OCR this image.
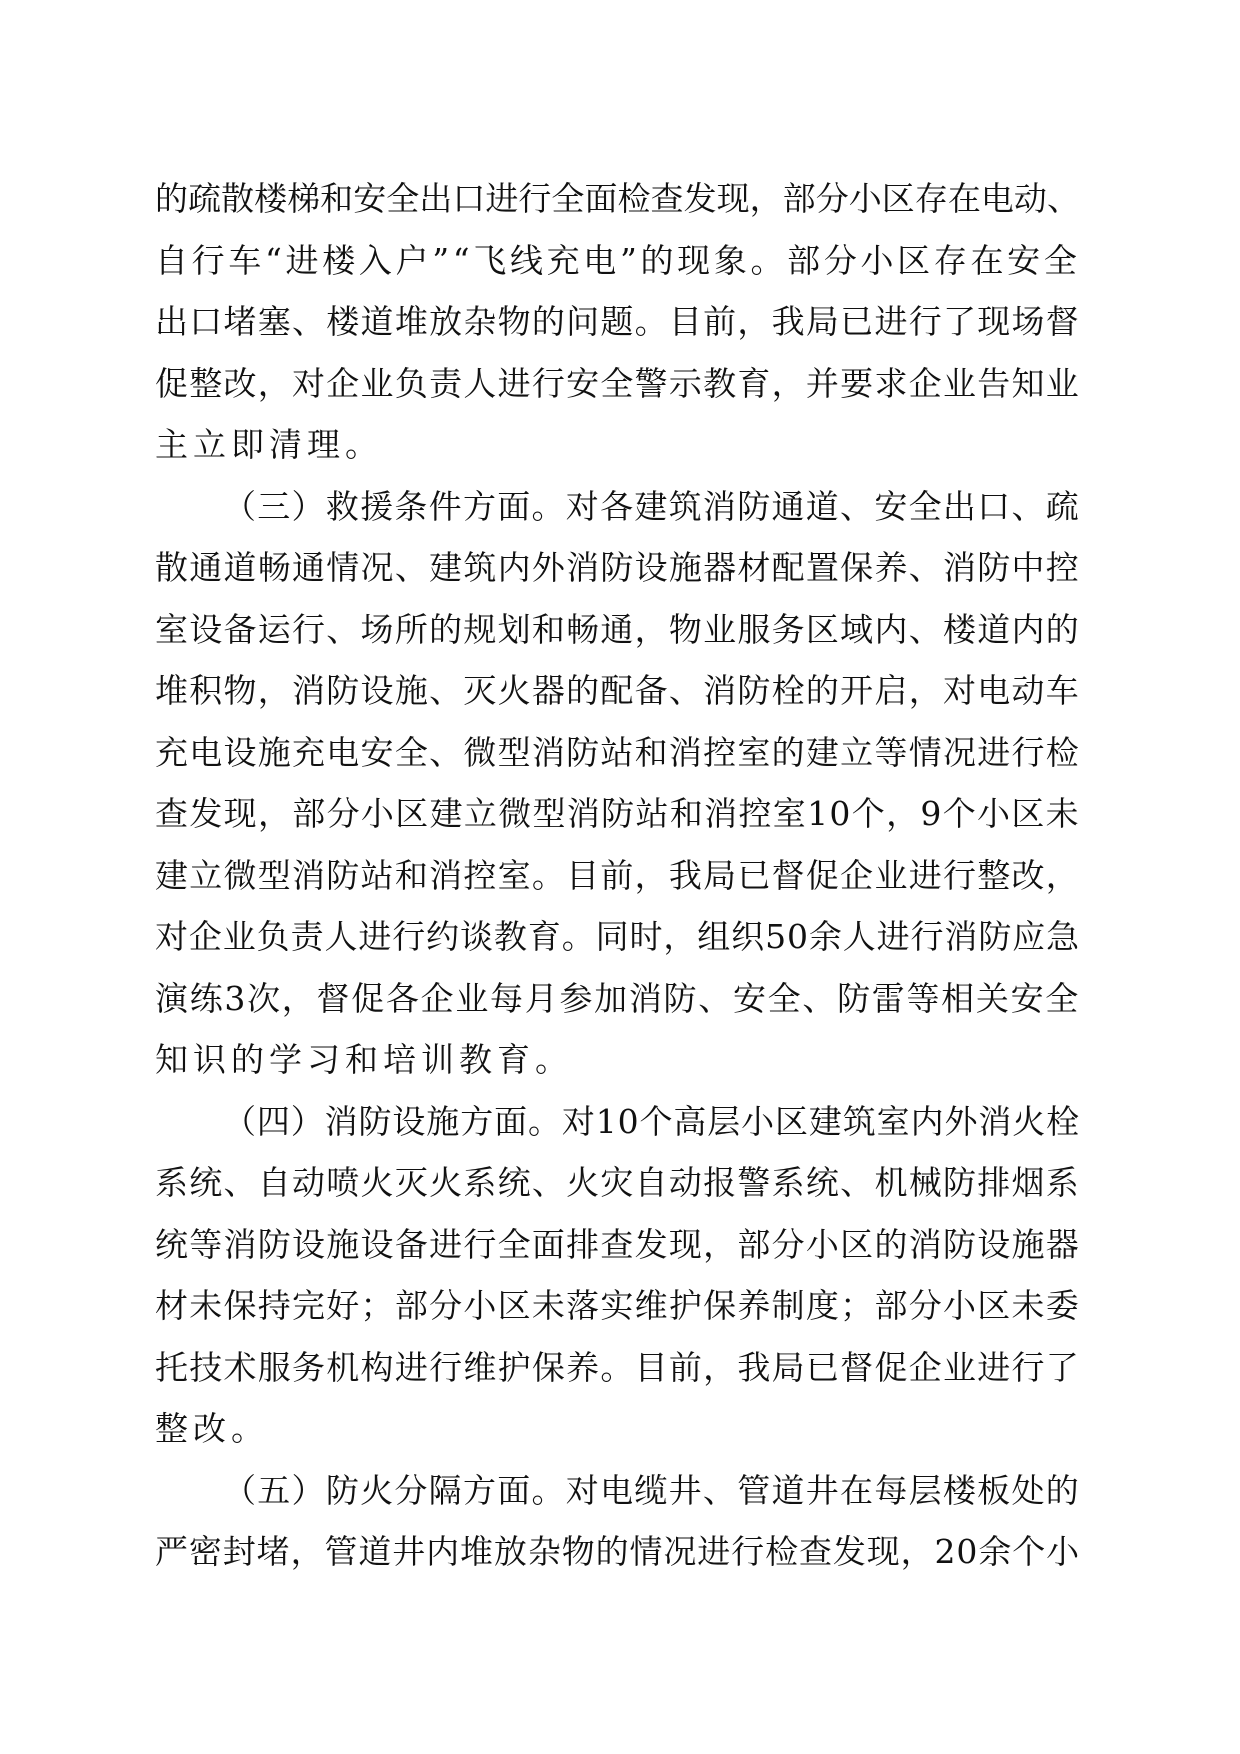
的疏散楼梯和安全出口进行全面检查发现，部分小区存在电动、
自行车“进楼入户”“飞线充电”的现象。部分小区存在安全
出口堵塞、楼道堆放杂物的问题。目前，我局已进行了现场督
促整改，对企业负责人进行安全警示教育，并要求企业告知业
主立即清理。
（三）救援条件方面。对各建筑消防通道、安全出口、疏
散通道畅通情况、建筑内外消防设施器材配置保养、消防中控
室设备运行、场所的规划和畅通，物业服务区域内、楼道内的
堆积物，消防设施、灭火器的配备、消防栓的开启，对电动车
充电设施充电安全、微型消防站和消控室的建立等情况进行检
查发现，部分小区建立微型消防站和消控室10个，9个小区未
建立微型消防站和消控室。目前，我局已督促企业进行整改，
对企业负责人进行约谈教育。同时，组织50余人进行消防应急
演练3次，督促各企业每月参加消防、安全、防雷等相关安全
知识的学习和培训教育。
（四）消防设施方面。对10个高层小区建筑室内外消火栓
系统、自动喷火灭火系统、火灾自动报警系统、机械防排烟系
统等消防设施设备进行全面排查发现，部分小区的消防设施器
材未保持完好；部分小区未落实维护保养制度；部分小区未委
托技术服务机构进行维护保养。目前，我局已督促企业进行了
整改。
（五）防火分隔方面。对电缆井、管道井在每层楼板处的
严密封堵，管道井内堆放杂物的情况进行检查发现，20余个小
